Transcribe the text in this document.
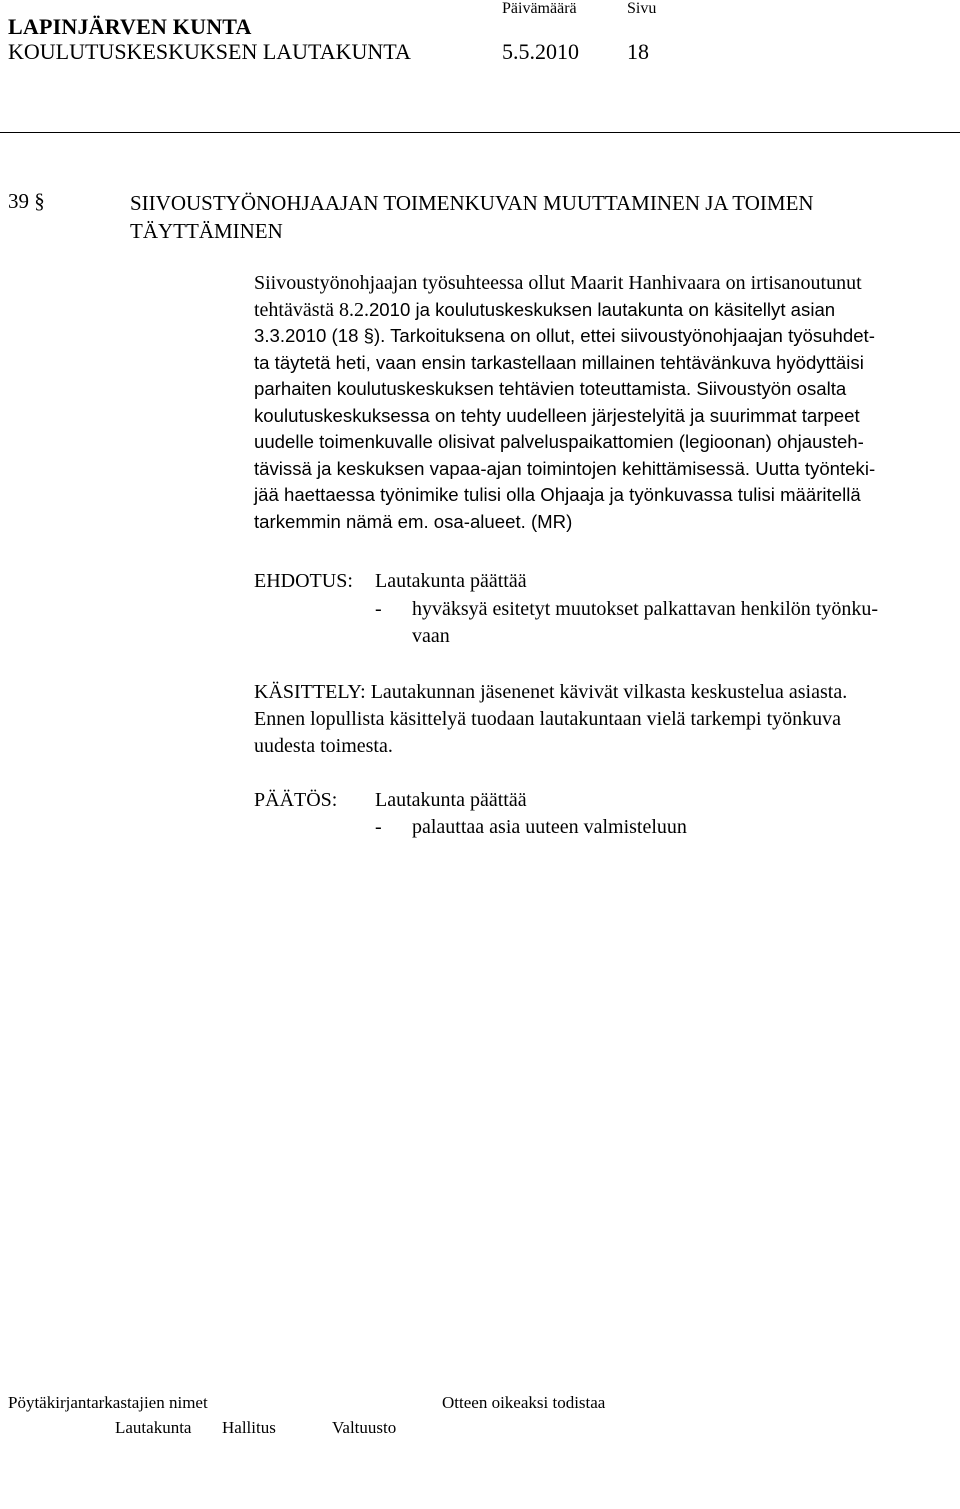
LAPINJÄRVEN KUNTA
Päivämäärä	Sivu
KOULUTUSKESKUKSEN LAUTAKUNTA	5.5.2010 18
39 §	SIIVOUSTYÖNOHJAAJAN TOIMENKUVAN MUUTTAMINEN JA TOIMEN
TÄYTTÄMINEN
Siivoustyönohjaajan työsuhteessa ollut Maarit Hanhivaara on irtisanoutunut
tehtävästä 8.2.2010 ja koulutuskeskuksen lautakunta on käsitellyt asian
3.3.2010 (18 §). Tarkoituksena on ollut, ettei siivoustyönohjaajan työsuhdet-
ta täytetä heti, vaan ensin tarkastellaan millainen tehtävänkuva hyödyttäisi
parhaiten koulutuskeskuksen tehtävien toteuttamista. Siivoustyön osalta
koulutuskeskuksessa on tehty uudelleen järjestelyitä ja suurimmat tarpeet
uudelle toimenkuvalle olisivat palveluspaikattomien (legioonan) ohjausteh-
tävissä ja keskuksen vapaa-ajan toimintojen kehittämisessä. Uutta työnteki-
jää haettaessa työnimike tulisi olla Ohjaaja ja työnkuvassa tulisi määritellä
tarkemmin nämä em. osa-alueet. (MR)
EHDOTUS: Lautakunta päättää
- hyväksyä esitetyt muutokset palkattavan henkilön työnku-
vaan
KÄSITTELY: Lautakunnan jäsenenet kävivät vilkasta keskustelua asiasta.
Ennen lopullista käsittelyä tuodaan lautakuntaan vielä tarkempi työnkuva
uudesta toimesta.
PÄÄTÖS: Lautakunta päättää
- palauttaa asia uuteen valmisteluun
Pöytäkirjantarkastajien nimet	Otteen oikeaksi todistaa
Lautakunta Hallitus	Valtuusto
